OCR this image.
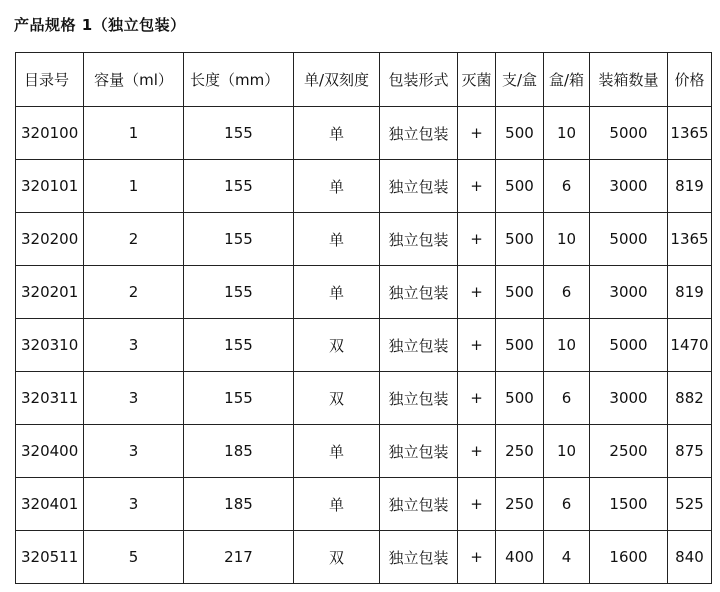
产品规格 1（独立包装）
目录号	容量（ml）	长度（mm）	单/双刻度	包装形式	灭菌	支/盒	盒/箱	装箱数量	价格
320100	1	155	单	独立包装	+	500	10	5000	1365
320101	1	155	单	独立包装	+	500	6	3000	819
320200	2	155	单	独立包装	+	500	10	5000	1365
320201	2	155	单	独立包装	+	500	6	3000	819
320310	3	155	双	独立包装	+	500	10	5000	1470
320311	3	155	双	独立包装	+	500	6	3000	882
320400	3	185	单	独立包装	+	250	10	2500	875
320401	3	185	单	独立包装	+	250	6	1500	525
320511	5	217	双	独立包装	+	400	4	1600	840
